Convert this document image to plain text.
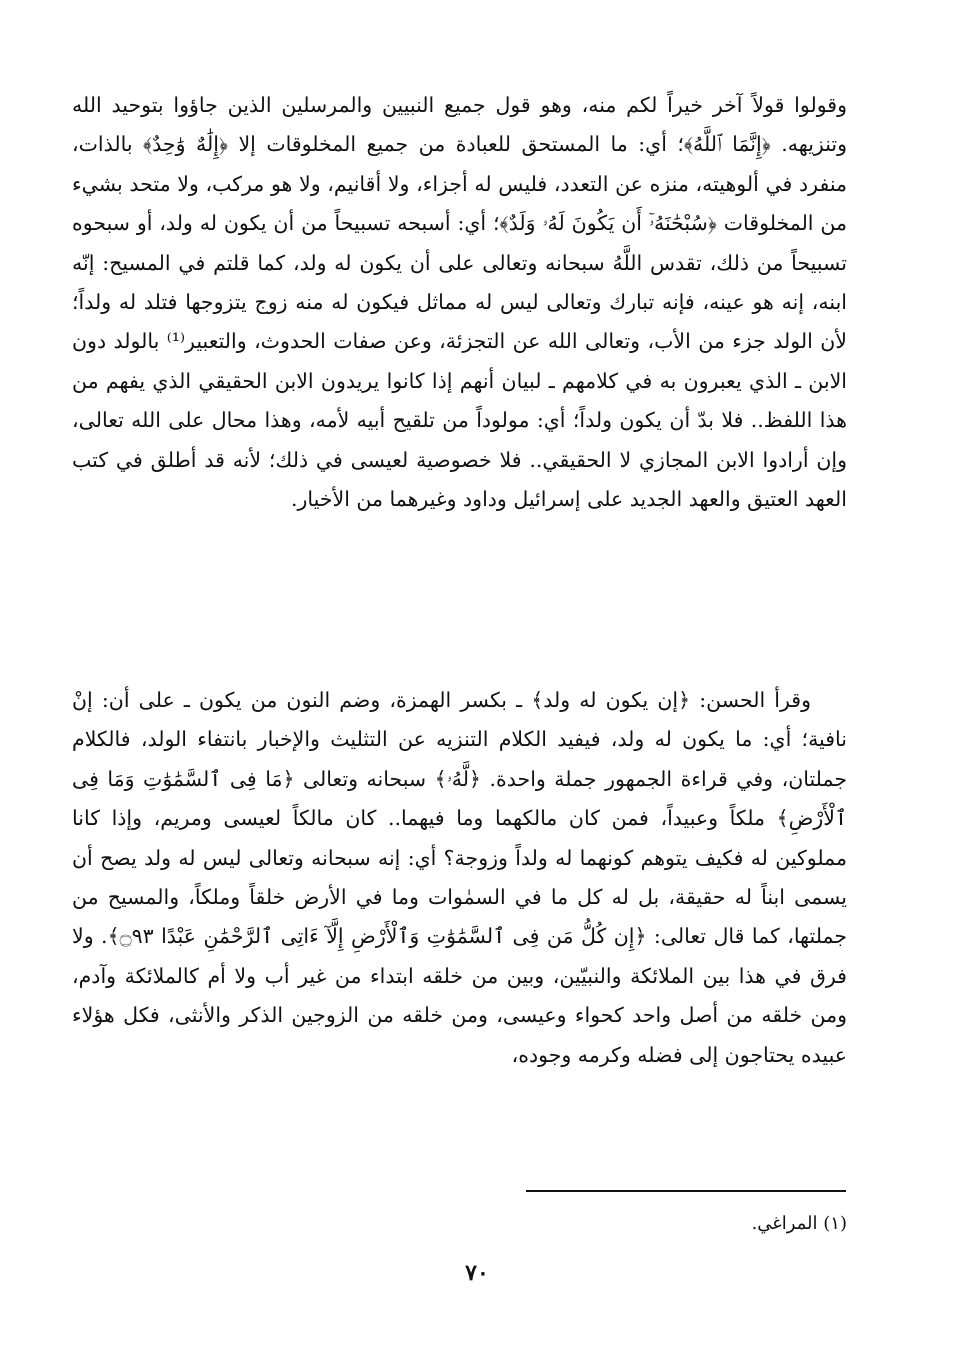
وقولوا قولاً آخر خيراً لكم منه، وهو قول جميع النبيين والمرسلين الذين جاؤوا بتوحيد الله وتنزيهه. ﴿إِنَّمَا ٱللَّهُ﴾؛ أي: ما المستحق للعبادة من جميع المخلوقات إلا ﴿إِلَٰهٌ وَٰحِدٌ﴾ بالذات، منفرد في ألوهيته، منزه عن التعدد، فليس له أجزاء، ولا أقانيم، ولا هو مركب، ولا متحد بشيء من المخلوقات ﴿سُبْحَٰنَهُۥٓ أَن يَكُونَ لَهُۥ وَلَدٌ﴾؛ أي: أسبحه تسبيحاً من أن يكون له ولد، أو سبحوه تسبيحاً من ذلك، تقدس اللَّهُ سبحانه وتعالى على أن يكون له ولد، كما قلتم في المسيح: إنّه ابنه، إنه هو عينه، فإنه تبارك وتعالى ليس له مماثل فيكون له منه زوج يتزوجها فتلد له ولداً؛ لأن الولد جزء من الأب، وتعالى الله عن التجزئة، وعن صفات الحدوث، والتعبير⁽¹⁾ بالولد دون الابن ـ الذي يعبرون به في كلامهم ـ لبيان أنهم إذا كانوا يريدون الابن الحقيقي الذي يفهم من هذا اللفظ.. فلا بدّ أن يكون ولداً؛ أي: مولوداً من تلقيح أبيه لأمه، وهذا محال على الله تعالى، وإن أرادوا الابن المجازي لا الحقيقي.. فلا خصوصية لعيسى في ذلك؛ لأنه قد أطلق في كتب العهد العتيق والعهد الجديد على إسرائيل وداود وغيرهما من الأخيار.

وقرأ الحسن: ﴿إن يكون له ولد﴾ ـ بكسر الهمزة، وضم النون من يكون ـ على أن: إنْ نافية؛ أي: ما يكون له ولد، فيفيد الكلام التنزيه عن التثليث والإخبار بانتفاء الولد، فالكلام جملتان، وفي قراءة الجمهور جملة واحدة. ﴿لَّهُۥ﴾ سبحانه وتعالى ﴿مَا فِى ٱلسَّمَٰوَٰتِ وَمَا فِى ٱلْأَرْضِ﴾ ملكاً وعبيداً، فمن كان مالكهما وما فيهما.. كان مالكاً لعيسى ومريم، وإذا كانا مملوكين له فكيف يتوهم كونهما له ولداً وزوجة؟ أي: إنه سبحانه وتعالى ليس له ولد يصح أن يسمى ابناً له حقيقة، بل له كل ما في السمٰوات وما في الأرض خلقاً وملكاً، والمسيح من جملتها، كما قال تعالى: ﴿إِن كُلُّ مَن فِى ٱلسَّمَٰوَٰتِ وَٱلْأَرْضِ إِلَّآ ءَاتِى ٱلرَّحْمَٰنِ عَبْدًا ۝٩٣﴾. ولا فرق في هذا بين الملائكة والنبيّين، وبين من خلقه ابتداء من غير أب ولا أم كالملائكة وآدم، ومن خلقه من أصل واحد كحواء وعيسى، ومن خلقه من الزوجين الذكر والأنثى، فكل هؤلاء عبيده يحتاجون إلى فضله وكرمه وجوده،

(١) المراغي.
٧٠
